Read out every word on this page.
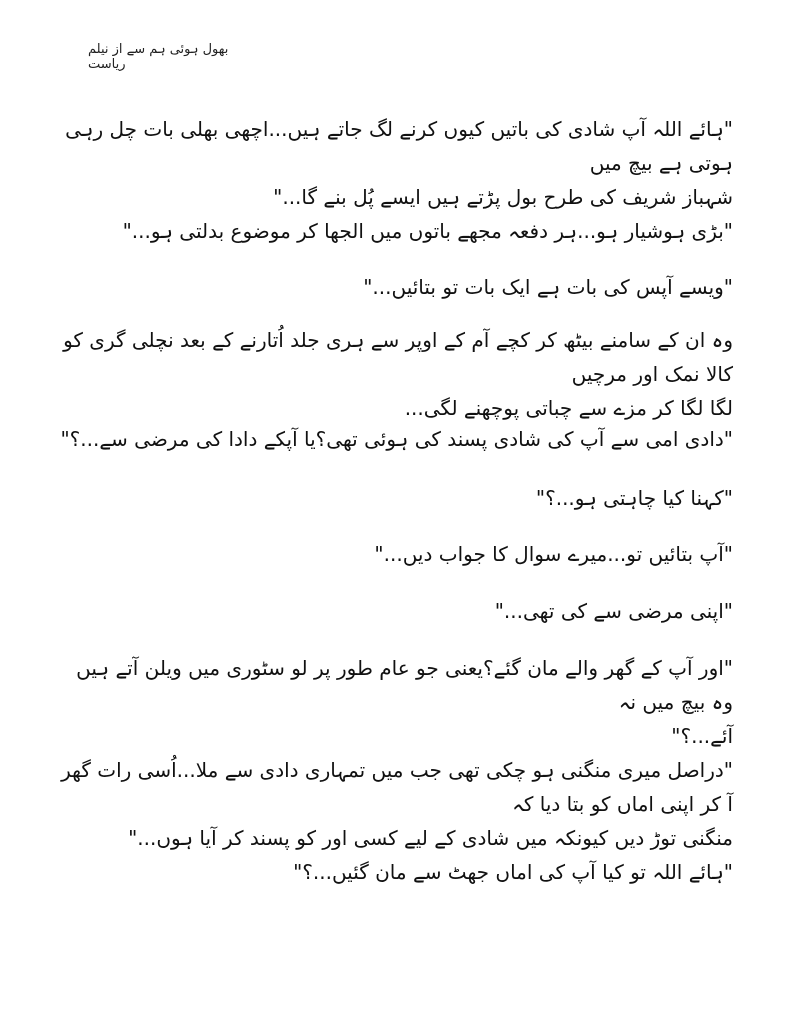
بھول ہوئی ہم سے از نیلم ریاست
"ہائے اللہ آپ شادی کی باتیں کیوں کرنے لگ جاتے ہیں...اچھی بھلی بات چل رہی ہوتی ہے بیچ میں
شہباز شریف کی طرح بول پڑتے ہیں ایسے پُل بنے گا..."
"بڑی ہوشیار ہو...ہر دفعہ مجھے باتوں میں الجھا کر موضوع بدلتی ہو..."
"ویسے آپس کی بات ہے ایک بات تو بتائیں..."
وہ ان کے سامنے بیٹھ کر کچے آم کے اوپر سے ہری جلد اُتارنے کے بعد نچلی گری کو کالا نمک اور مرچیں
لگا لگا کر مزے سے چباتی پوچھنے لگی...
"دادی امی سے آپ کی شادی پسند کی ہوئی تھی؟یا آپکے دادا کی مرضی سے...؟"
"کہنا کیا چاہتی ہو...؟"
"آپ بتائیں تو...میرے سوال کا جواب دیں..."
"اپنی مرضی سے کی تھی..."
"اور آپ کے گھر والے مان گئے؟یعنی جو عام طور پر لو سٹوری میں ویلن آتے ہیں وہ بیچ میں نہ
آئے...؟"
"دراصل میری منگنی ہو چکی تھی جب میں تمہاری دادی سے ملا...اُسی رات گھر آ کر اپنی اماں کو بتا دیا کہ
منگنی توڑ دیں کیونکہ میں شادی کے لیے کسی اور کو پسند کر آیا ہوں..."
"ہائے اللہ تو کیا آپ کی اماں جھٹ سے مان گئیں...؟"
